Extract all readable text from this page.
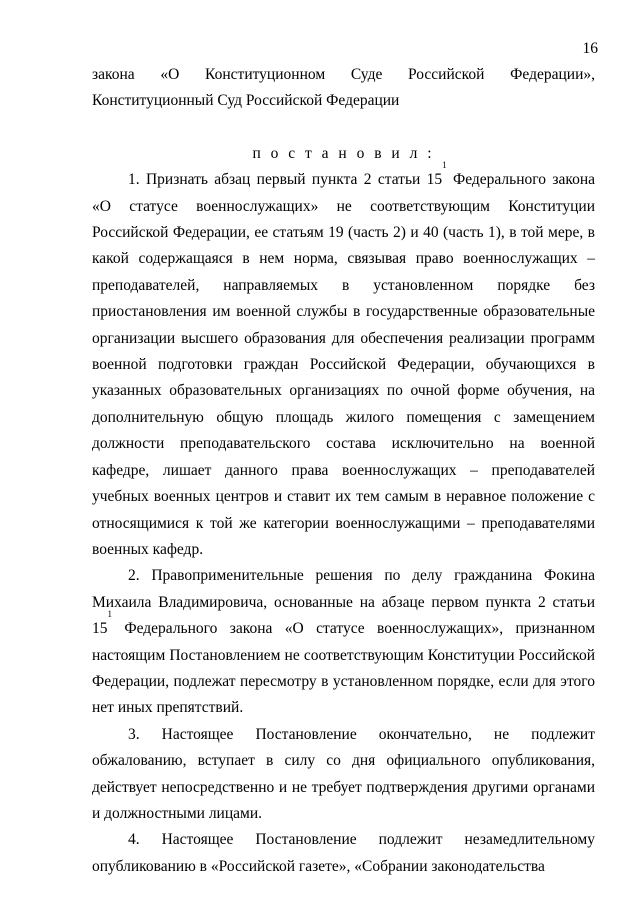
16

закона «О Конституционном Суде Российской Федерации», Конституционный Суд Российской Федерации

п о с т а н о в и л :

1. Признать абзац первый пункта 2 статьи $15^1$ Федерального закона «О статусе военнослужащих» не соответствующим Конституции Российской Федерации, ее статьям 19 (часть 2) и 40 (часть 1), в той мере, в какой содержащаяся в нем норма, связывая право военнослужащих – преподавателей, направляемых в установленном порядке без приостановления им военной службы в государственные образовательные организации высшего образования для обеспечения реализации программ военной подготовки граждан Российской Федерации, обучающихся в указанных образовательных организациях по очной форме обучения, на дополнительную общую площадь жилого помещения с замещением должности преподавательского состава исключительно на военной кафедре, лишает данного права военнослужащих – преподавателей учебных военных центров и ставит их тем самым в неравное положение с относящимися к той же категории военнослужащими – преподавателями военных кафедр.

2. Правоприменительные решения по делу гражданина Фокина Михаила Владимировича, основанные на абзаце первом пункта 2 статьи $15^1$ Федерального закона «О статусе военнослужащих», признанном настоящим Постановлением не соответствующим Конституции Российской Федерации, подлежат пересмотру в установленном порядке, если для этого нет иных препятствий.

3. Настоящее Постановление окончательно, не подлежит обжалованию, вступает в силу со дня официального опубликования, действует непосредственно и не требует подтверждения другими органами и должностными лицами.

4. Настоящее Постановление подлежит незамедлительному опубликованию в «Российской газете», «Собрании законодательства
